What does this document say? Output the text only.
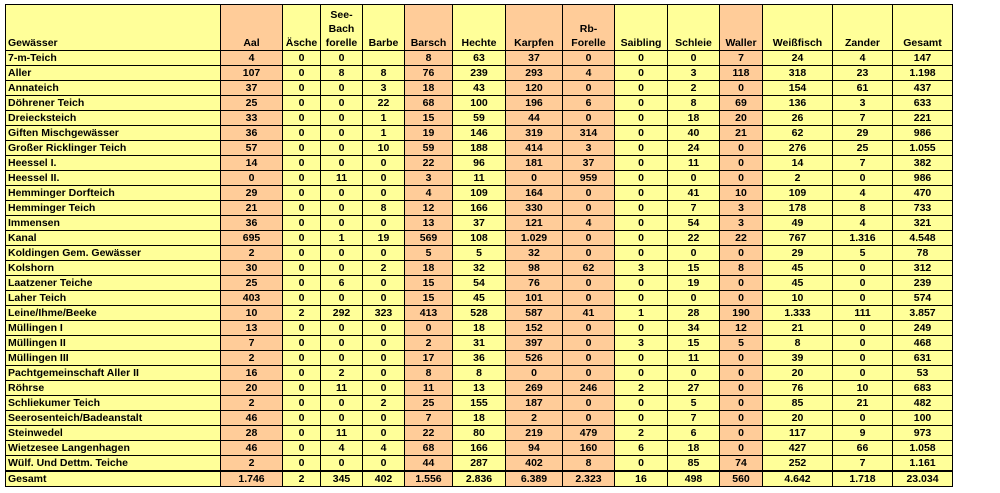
Gewässer	Aal	Äsche	See-
Bach
forelle	Barbe	Barsch	Hechte	Karpfen	Rb-
Forelle	Saibling	Schleie	Waller	Weißfisch	Zander	Gesamt
7-m-Teich	4	0	0		8	63	37	0	0	0	7	24	4	147
Aller	107	0	8	8	76	239	293	4	0	3	118	318	23	1.198
Annateich	37	0	0	3	18	43	120	0	0	2	0	154	61	437
Döhrener Teich	25	0	0	22	68	100	196	6	0	8	69	136	3	633
Dreiecksteich	33	0	0	1	15	59	44	0	0	18	20	26	7	221
Giften Mischgewässer	36	0	0	1	19	146	319	314	0	40	21	62	29	986
Großer Ricklinger Teich	57	0	0	10	59	188	414	3	0	24	0	276	25	1.055
Heessel I.	14	0	0	0	22	96	181	37	0	11	0	14	7	382
Heessel II.	0	0	11	0	3	11	0	959	0	0	0	2	0	986
Hemminger Dorfteich	29	0	0	0	4	109	164	0	0	41	10	109	4	470
Hemminger Teich	21	0	0	8	12	166	330	0	0	7	3	178	8	733
Immensen	36	0	0	0	13	37	121	4	0	54	3	49	4	321
Kanal	695	0	1	19	569	108	1.029	0	0	22	22	767	1.316	4.548
Koldingen Gem. Gewässer	2	0	0	0	5	5	32	0	0	0	0	29	5	78
Kolshorn	30	0	0	2	18	32	98	62	3	15	8	45	0	312
Laatzener Teiche	25	0	6	0	15	54	76	0	0	19	0	45	0	239
Laher Teich	403	0	0	0	15	45	101	0	0	0	0	10	0	574
Leine/Ihme/Beeke	10	2	292	323	413	528	587	41	1	28	190	1.333	111	3.857
Müllingen I	13	0	0	0	0	18	152	0	0	34	12	21	0	249
Müllingen II	7	0	0	0	2	31	397	0	3	15	5	8	0	468
Müllingen III	2	0	0	0	17	36	526	0	0	11	0	39	0	631
Pachtgemeinschaft Aller II	16	0	2	0	8	8	0	0	0	0	0	20	0	53
Röhrse	20	0	11	0	11	13	269	246	2	27	0	76	10	683
Schliekumer Teich	2	0	0	2	25	155	187	0	0	5	0	85	21	482
Seerosenteich/Badeanstalt	46	0	0	0	7	18	2	0	0	7	0	20	0	100
Steinwedel	28	0	11	0	22	80	219	479	2	6	0	117	9	973
Wietzesee Langenhagen	46	0	4	4	68	166	94	160	6	18	0	427	66	1.058
Wülf. Und Dettm. Teiche	2	0	0	0	44	287	402	8	0	85	74	252	7	1.161
Gesamt	1.746	2	345	402	1.556	2.836	6.389	2.323	16	498	560	4.642	1.718	23.034
